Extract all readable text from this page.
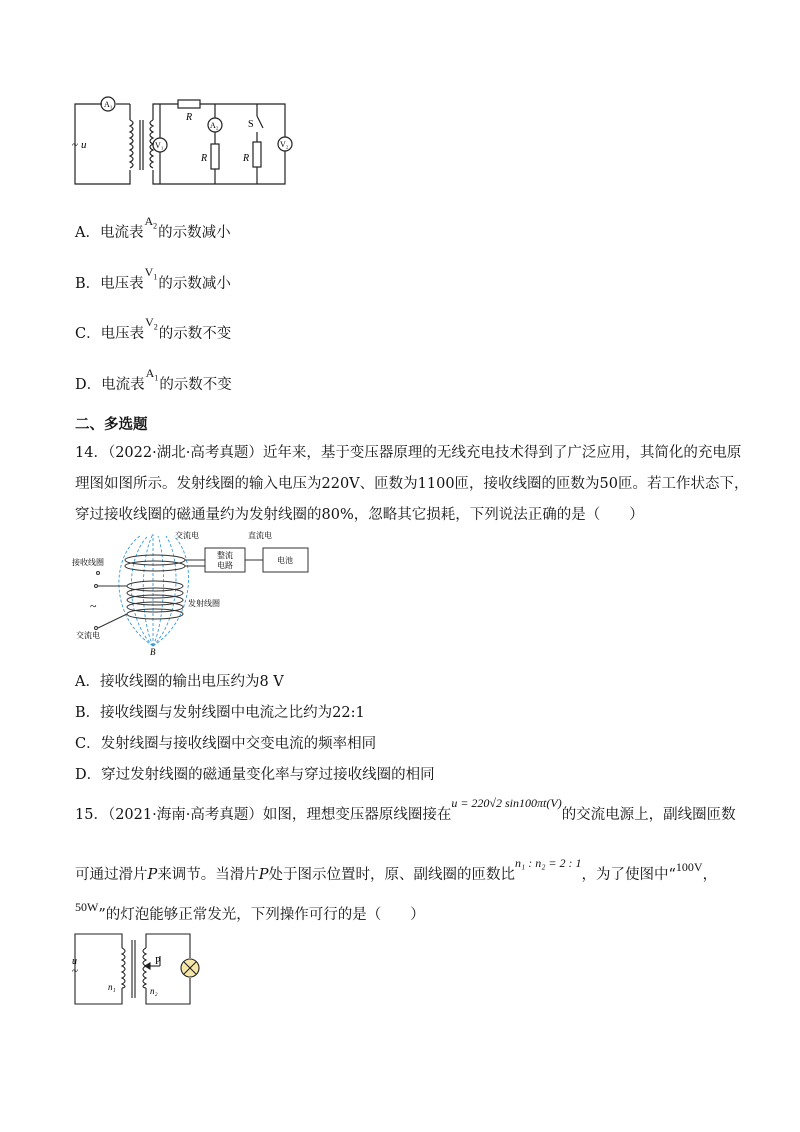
A₁
V₁
A₂
V₂
R
R	R
S
~ u
A．电流表$A_2$的示数减小
B．电压表$V_1$的示数减小
C．电压表$V_2$的示数不变
D．电流表$A_1$的示数不变
二、多选题
14．（2022·湖北·高考真题）近年来，基于变压器原理的无线充电技术得到了广泛应用，其简化的充电原
理图如图所示。发射线圈的输入电压为220V、匝数为1100匝，接收线圈的匝数为50匝。若工作状态下，
穿过接收线圈的磁通量约为发射线圈的80%，忽略其它损耗，下列说法正确的是（　　）
交流电	直流电
整流
电路
电池
接收线圈
发射线圈
交流电
~
B
A．接收线圈的输出电压约为8 V
B．接收线圈与发射线圈中电流之比约为22:1
C．发射线圈与接收线圈中交变电流的频率相同
D．穿过发射线圈的磁通量变化率与穿过接收线圈的相同
15．（2021·海南·高考真题）如图，理想变压器原线圈接在$^{u = 220√2 sin100\pi t(V)}$的交流电源上，副线圈匝数
可通过滑片P来调节。当滑片P处于图示位置时，原、副线圈的匝数比$^{n_1 : n_2 = 2 : 1}$，为了使图中“$^{100V}$，
$^{50W}$”的灯泡能够正常发光，下列操作可行的是（　　）
u
~
P
n₁	n₂
